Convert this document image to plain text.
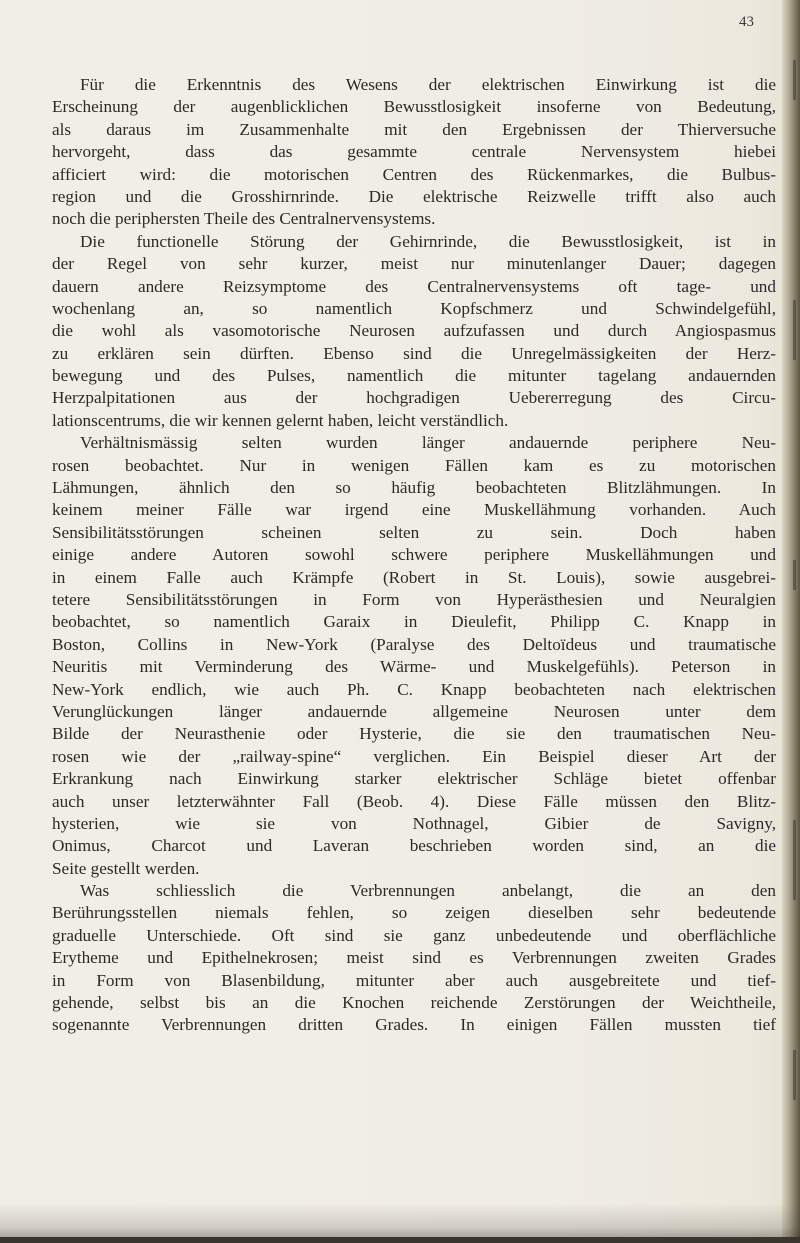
43
Für die Erkenntnis des Wesens der elektrischen Einwirkung ist die
Erscheinung der augenblicklichen Bewusstlosigkeit insoferne von Bedeutung,
als daraus im Zusammenhalte mit den Ergebnissen der Thierversuche
hervorgeht, dass das gesammte centrale Nervensystem hiebei
afficiert wird: die motorischen Centren des Rückenmarkes, die Bulbus-
region und die Grosshirnrinde. Die elektrische Reizwelle trifft also auch
noch die periphersten Theile des Centralnervensystems.
Die functionelle Störung der Gehirnrinde, die Bewusstlosigkeit, ist in
der Regel von sehr kurzer, meist nur minutenlanger Dauer; dagegen
dauern andere Reizsymptome des Centralnervensystems oft tage- und
wochenlang an, so namentlich Kopfschmerz und Schwindelgefühl,
die wohl als vasomotorische Neurosen aufzufassen und durch Angiospasmus
zu erklären sein dürften. Ebenso sind die Unregelmässigkeiten der Herz-
bewegung und des Pulses, namentlich die mitunter tagelang andauernden
Herzpalpitationen aus der hochgradigen Uebererregung des Circu-
lationscentrums, die wir kennen gelernt haben, leicht verständlich.
Verhältnismässig selten wurden länger andauernde periphere Neu-
rosen beobachtet. Nur in wenigen Fällen kam es zu motorischen
Lähmungen, ähnlich den so häufig beobachteten Blitzlähmungen. In
keinem meiner Fälle war irgend eine Muskellähmung vorhanden. Auch
Sensibilitätsstörungen scheinen selten zu sein. Doch haben
einige andere Autoren sowohl schwere periphere Muskellähmungen und
in einem Falle auch Krämpfe (Robert in St. Louis), sowie ausgebrei-
tetere Sensibilitätsstörungen in Form von Hyperästhesien und Neuralgien
beobachtet, so namentlich Garaix in Dieulefit, Philipp C. Knapp in
Boston, Collins in New-York (Paralyse des Deltoïdeus und traumatische
Neuritis mit Verminderung des Wärme- und Muskelgefühls). Peterson in
New-York endlich, wie auch Ph. C. Knapp beobachteten nach elektrischen
Verunglückungen länger andauernde allgemeine Neurosen unter dem
Bilde der Neurasthenie oder Hysterie, die sie den traumatischen Neu-
rosen wie der „railway-spine“ verglichen. Ein Beispiel dieser Art der
Erkrankung nach Einwirkung starker elektrischer Schläge bietet offenbar
auch unser letzterwähnter Fall (Beob. 4). Diese Fälle müssen den Blitz-
hysterien, wie sie von Nothnagel, Gibier de Savigny,
Onimus, Charcot und Laveran beschrieben worden sind, an die
Seite gestellt werden.
Was schliesslich die Verbrennungen anbelangt, die an den
Berührungsstellen niemals fehlen, so zeigen dieselben sehr bedeutende
graduelle Unterschiede. Oft sind sie ganz unbedeutende und oberflächliche
Erytheme und Epithelnekrosen; meist sind es Verbrennungen zweiten Grades
in Form von Blasenbildung, mitunter aber auch ausgebreitete und tief-
gehende, selbst bis an die Knochen reichende Zerstörungen der Weichtheile,
sogenannte Verbrennungen dritten Grades. In einigen Fällen mussten tief
